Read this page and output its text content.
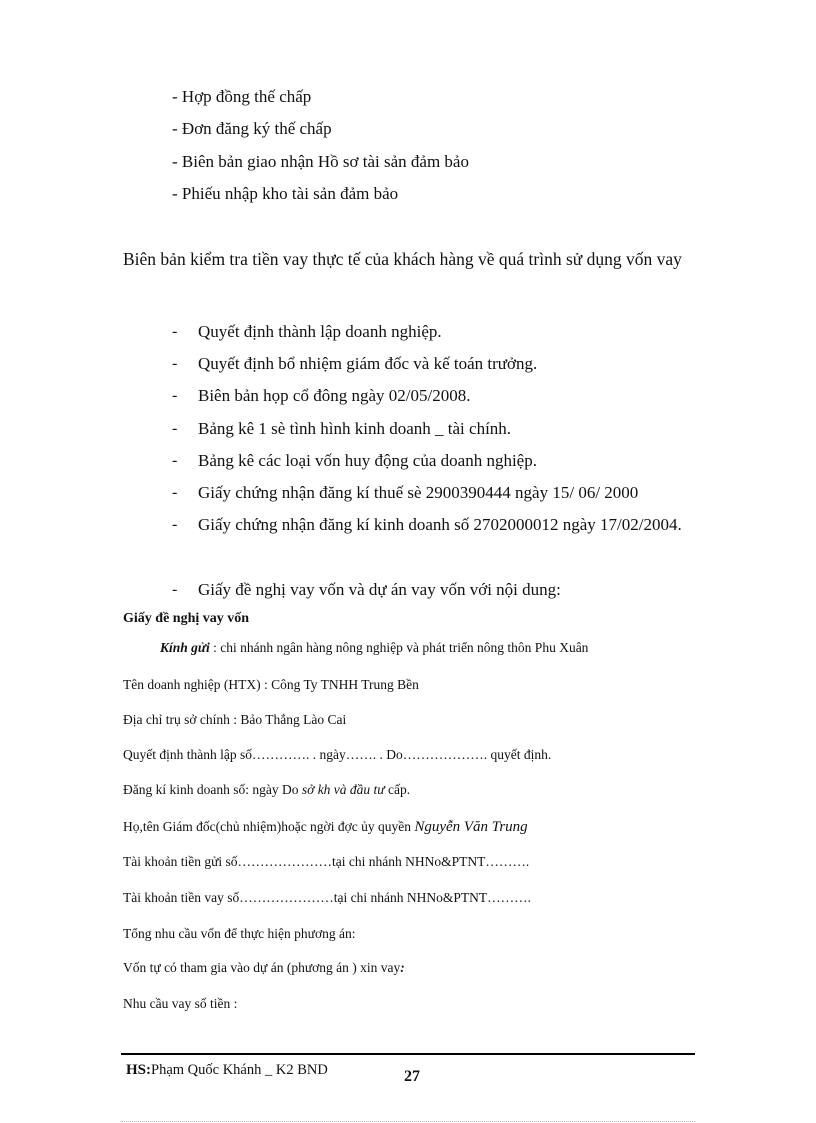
- Hợp đồng thế chấp
- Đơn đăng ký thế chấp
- Biên bản giao nhận Hồ sơ tài sản đảm bảo
- Phiếu nhập kho tài sản đảm bảo
Biên bản kiểm tra tiền vay thực tế của khách hàng về quá trình sử dụng vốn vay
- Quyết định thành lập doanh nghiệp.
- Quyết định bổ nhiệm giám đốc và kế toán trưởng.
- Biên bản họp cổ đông ngày 02/05/2008.
- Bảng kê 1 sè tình hình kinh doanh _ tài chính.
- Bảng kê các loại vốn huy động của doanh nghiệp.
- Giấy chứng nhận đăng kí thuế sè 2900390444 ngày 15/ 06/ 2000
- Giấy chứng nhận đăng kí kinh doanh số 2702000012 ngày 17/02/2004.
- Giấy đề nghị vay vốn và dự án vay vốn với nội dung:
Giấy đề nghị vay vốn
Kính gửi : chi nhánh ngân hàng nông nghiệp và phát triển nông thôn Phu Xuân
Tên doanh nghiệp (HTX) : Công Ty TNHH Trung Bền
Địa chỉ trụ sở chính : Bảo Thắng Lào Cai
Quyết định thành lập số…………. . ngày……. . Do………………. quyết định.
Đăng kí kinh doanh số: ngày Do sở kh và đầu tư cấp.
Họ,tên Giám đốc(chủ nhiệm)hoặc ngời đợc ủy quyền Nguyễn Văn Trung
Tài khoản tiền gửi số…………………tại chi nhánh NHNo&PTNT……….
Tài khoản tiền vay số…………………tại chi nhánh NHNo&PTNT……….
Tổng nhu cầu vốn để thực hiện phương án:
Vốn tự có tham gia vào dự án (phương án ) xin vay:
Nhu cầu vay số tiền :
HS:Phạm Quốc Khánh _ K2 BND	27
